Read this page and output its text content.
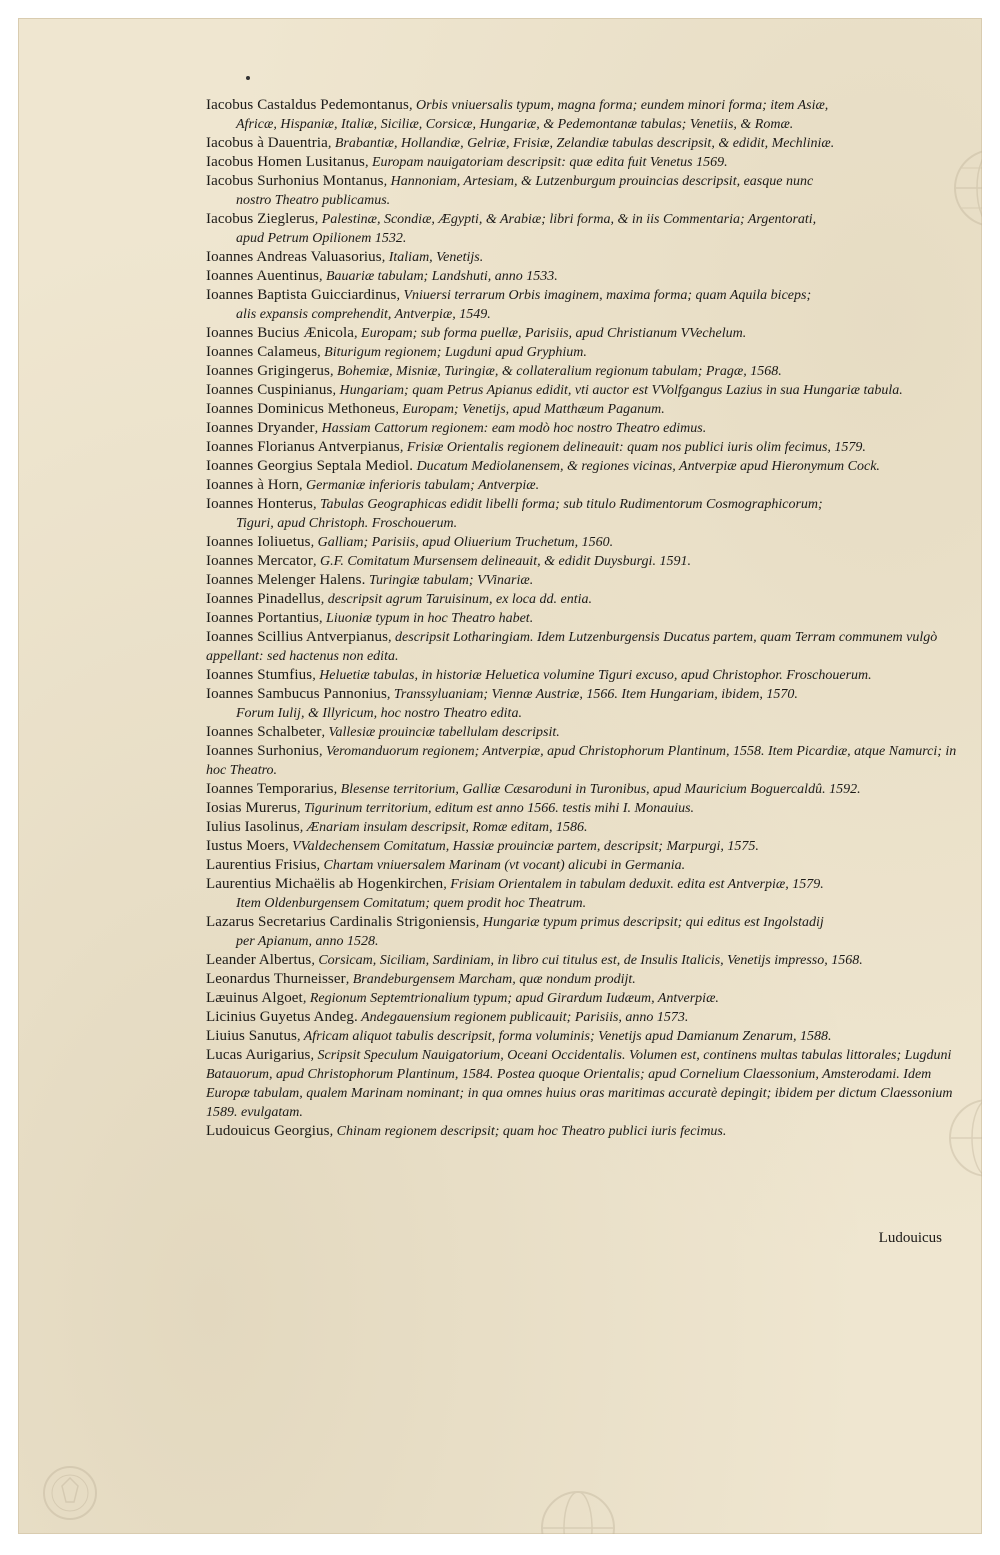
Iacobus Castaldus Pedemontanus, Orbis vniuersalis typum, magna forma; eundem minori forma; item Asiæ,
Africæ, Hispaniæ, Italiæ, Siciliæ, Corsicæ, Hungariæ, & Pedemontanæ tabulas; Venetiis, & Romæ.

Iacobus à Dauentria, Brabantiæ, Hollandiæ, Gelriæ, Frisiæ, Zelandiæ tabulas descripsit, & edidit, Mechliniæ.

Iacobus Homen Lusitanus, Europam nauigatoriam descripsit: quæ edita fuit Venetus 1569.

Iacobus Surhonius Montanus, Hannoniam, Artesiam, & Lutzenburgum prouincias descripsit, easque nunc
nostro Theatro publicamus.

Iacobus Zieglerus, Palestinæ, Scondiæ, Ægypti, & Arabiæ; libri forma, & in iis Commentaria; Argentorati,
apud Petrum Opilionem 1532.

Ioannes Andreas Valuasorius, Italiam, Venetijs.

Ioannes Auentinus, Bauariæ tabulam; Landshuti, anno 1533.

Ioannes Baptista Guicciardinus, Vniuersi terrarum Orbis imaginem, maxima forma; quam Aquila biceps;
alis expansis comprehendit, Antverpiæ, 1549.

Ioannes Bucius Ænicola, Europam; sub forma puellæ, Parisiis, apud Christianum VVechelum.

Ioannes Calameus, Biturigum regionem; Lugduni apud Gryphium.

Ioannes Grigingerus, Bohemiæ, Misniæ, Turingiæ, & collateralium regionum tabulam; Pragæ, 1568.

Ioannes Cuspinianus, Hungariam; quam Petrus Apianus edidit, vti auctor est VVolfgangus Lazius in sua Hungariæ tabula.

Ioannes Dominicus Methoneus, Europam; Venetijs, apud Matthæum Paganum.

Ioannes Dryander, Hassiam Cattorum regionem: eam modò hoc nostro Theatro edimus.

Ioannes Florianus Antverpianus, Frisiæ Orientalis regionem delineauit: quam nos publici iuris olim fecimus, 1579.

Ioannes Georgius Septala Mediol. Ducatum Mediolanensem, & regiones vicinas, Antverpiæ apud Hieronymum Cock.

Ioannes à Horn, Germaniæ inferioris tabulam; Antverpiæ.

Ioannes Honterus, Tabulas Geographicas edidit libelli forma; sub titulo Rudimentorum Cosmographicorum;
Tiguri, apud Christoph. Froschouerum.

Ioannes Ioliuetus, Galliam; Parisiis, apud Oliuerium Truchetum, 1560.

Ioannes Mercator, G.F. Comitatum Mursensem delineauit, & edidit Duysburgi. 1591.

Ioannes Melenger Halens. Turingiæ tabulam; VVinariæ.

Ioannes Pinadellus, descripsit agrum Taruisinum, ex loca dd. entia.

Ioannes Portantius, Liuoniæ typum in hoc Theatro habet.

Ioannes Scillius Antverpianus, descripsit Lotharingiam. Idem Lutzenburgensis Ducatus partem, quam Terram communem vulgò appellant: sed hactenus non edita.

Ioannes Stumfius, Heluetiæ tabulas, in historiæ Heluetica volumine Tiguri excuso, apud Christophor. Froschouerum.

Ioannes Sambucus Pannonius, Transsyluaniam; Viennæ Austriæ, 1566. Item Hungariam, ibidem, 1570.
Forum Iulij, & Illyricum, hoc nostro Theatro edita.

Ioannes Schalbeter, Vallesiæ prouinciæ tabellulam descripsit.

Ioannes Surhonius, Veromanduorum regionem; Antverpiæ, apud Christophorum Plantinum, 1558. Item Picardiæ, atque Namurci; in hoc Theatro.

Ioannes Temporarius, Blesense territorium, Galliæ Cæsaroduni in Turonibus, apud Mauricium Boguercaldû. 1592.

Iosias Murerus, Tigurinum territorium, editum est anno 1566. testis mihi I. Monauius.

Iulius Iasolinus, Ænariam insulam descripsit, Romæ editam, 1586.

Iustus Moers, VValdechensem Comitatum, Hassiæ prouinciæ partem, descripsit; Marpurgi, 1575.

Laurentius Frisius, Chartam vniuersalem Marinam (vt vocant) alicubi in Germania.

Laurentius Michaëlis ab Hogenkirchen, Frisiam Orientalem in tabulam deduxit. edita est Antverpiæ, 1579.
Item Oldenburgensem Comitatum; quem prodit hoc Theatrum.

Lazarus Secretarius Cardinalis Strigoniensis, Hungariæ typum primus descripsit; qui editus est Ingolstadij
per Apianum, anno 1528.

Leander Albertus, Corsicam, Siciliam, Sardiniam, in libro cui titulus est, de Insulis Italicis, Venetijs impresso, 1568.

Leonardus Thurneisser, Brandeburgensem Marcham, quæ nondum prodijt.

Læuinus Algoet, Regionum Septemtrionalium typum; apud Girardum Iudæum, Antverpiæ.

Licinius Guyetus Andeg. Andegauensium regionem publicauit; Parisiis, anno 1573.

Liuius Sanutus, Africam aliquot tabulis descripsit, forma voluminis; Venetijs apud Damianum Zenarum, 1588.

Lucas Aurigarius, Scripsit Speculum Nauigatorium, Oceani Occidentalis. Volumen est, continens multas tabulas littorales; Lugduni Batauorum, apud Christophorum Plantinum, 1584. Postea quoque Orientalis; apud Cornelium Claessonium, Amsterodami. Idem Europæ tabulam, qualem Marinam nominant; in qua omnes huius oras maritimas accuratè depingit; ibidem per dictum Claessonium 1589. evulgatam.

Ludouicus Georgius, Chinam regionem descripsit; quam hoc Theatro publici iuris fecimus.

Ludouicus
